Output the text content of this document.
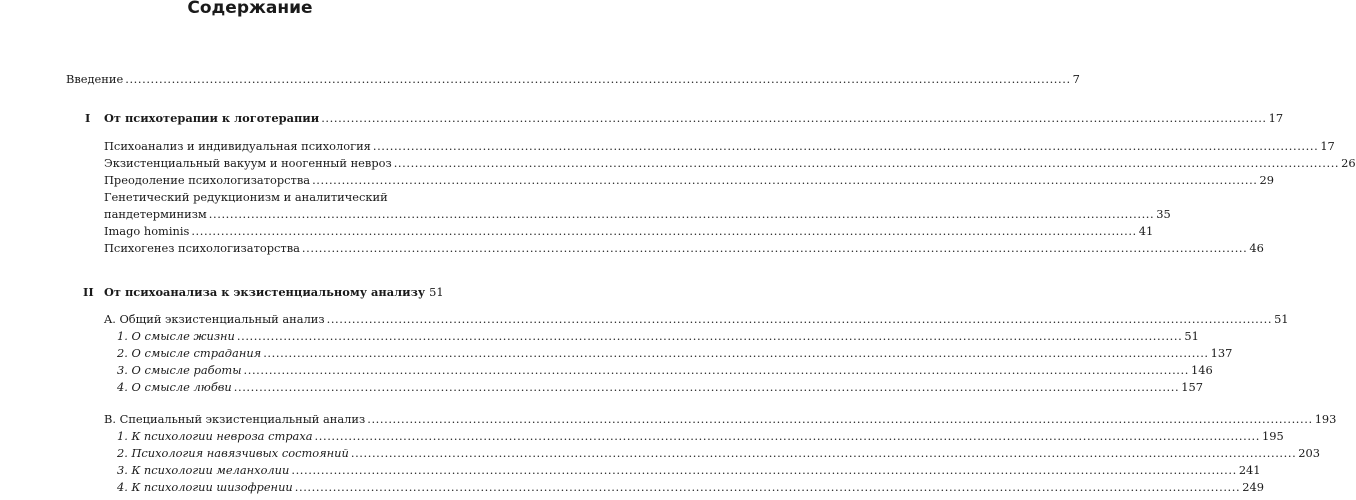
Содержание
Введение .....	7
I От психотерапии к логотерапии .....	17
Психоанализ и индивидуальная психология .....	17
Экзистенциальный вакуум и ноогенный невроз .....	26
Преодоление психологизаторства .....	29
Генетический редукционизм и аналитический
пандетерминизм .....	35
Imago hominis .....	41
Психогенез психологизаторства .....	46
II От психоанализа к экзистенциальному анализу 51
A. Общий экзистенциальный анализ .....	51
1. О смысле жизни .....	51
2. О смысле страдания .....	137
3. О смысле работы .....	146
4. О смысле любви .....	157
B. Специальный экзистенциальный анализ .....	193
1. К психологии невроза страха .....	195
2. Психология навязчивых состояний .....	203
3. К психологии меланхолии .....	241
4. К психологии шизофрении .....	249
